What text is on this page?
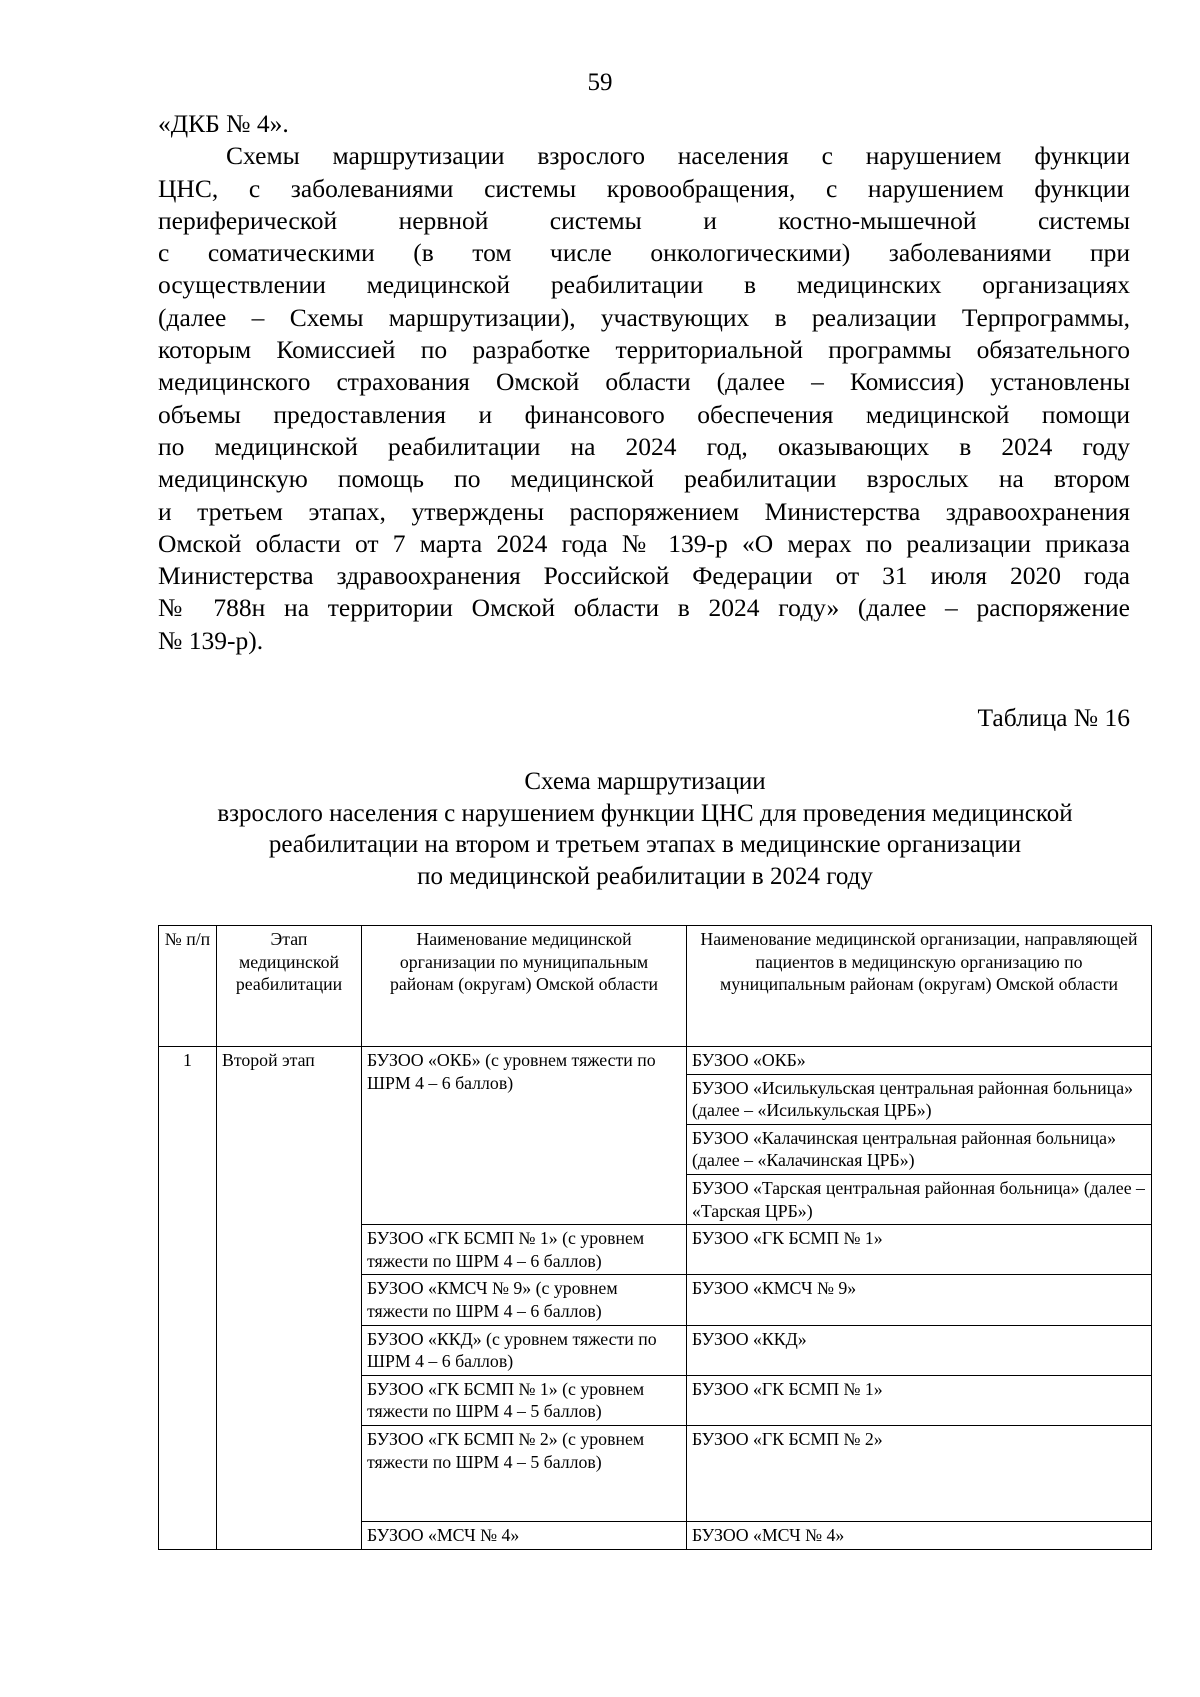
59

«ДКБ № 4».

Схемы маршрутизации взрослого населения с нарушением функции

ЦНС, с заболеваниями системы кровообращения, с нарушением функции

периферической нервной системы и костно-мышечной системы

с соматическими (в том числе онкологическими) заболеваниями при

осуществлении медицинской реабилитации в медицинских организациях

(далее – Схемы маршрутизации), участвующих в реализации Терпрограммы,

которым Комиссией по разработке территориальной программы обязательного

медицинского страхования Омской области (далее – Комиссия) установлены

объемы предоставления и финансового обеспечения медицинской помощи

по медицинской реабилитации на 2024 год, оказывающих в 2024 году

медицинскую помощь по медицинской реабилитации взрослых на втором

и третьем этапах, утверждены распоряжением Министерства здравоохранения

Омской области от 7 марта 2024 года № 139-р «О мерах по реализации приказа

Министерства здравоохранения Российской Федерации от 31 июля 2020 года

№ 788н на территории Омской области в 2024 году» (далее – распоряжение

№ 139-р).

Таблица № 16
Схема маршрутизации
взрослого населения с нарушением функции ЦНС для проведения медицинской
реабилитации на втором и третьем этапах в медицинские организации
по медицинской реабилитации в 2024 году
№ п/п	Этап медицинской реабилитации	Наименование медицинской организации по муниципальным районам (округам) Омской области	Наименование медицинской организации, направляющей пациентов в медицинскую организацию по муниципальным районам (округам) Омской области
1	Второй этап	БУЗОО «ОКБ» (с уровнем тяжести по ШРМ 4 – 6 баллов)	БУЗОО «ОКБ»
			БУЗОО «Исилькульская центральная районная больница» (далее – «Исилькульская ЦРБ»)
			БУЗОО «Калачинская центральная районная больница» (далее – «Калачинская ЦРБ»)
			БУЗОО «Тарская центральная районная больница» (далее – «Тарская ЦРБ»)
		БУЗОО «ГК БСМП № 1» (с уровнем тяжести по ШРМ 4 – 6 баллов)	БУЗОО «ГК БСМП № 1»
		БУЗОО «КМСЧ № 9» (с уровнем тяжести по ШРМ 4 – 6 баллов)	БУЗОО «КМСЧ № 9»
		БУЗОО «ККД» (с уровнем тяжести по ШРМ 4 – 6 баллов)	БУЗОО «ККД»
		БУЗОО «ГК БСМП № 1» (с уровнем тяжести по ШРМ 4 – 5 баллов)	БУЗОО «ГК БСМП № 1»
		БУЗОО «ГК БСМП № 2» (с уровнем тяжести по ШРМ 4 – 5 баллов)	БУЗОО «ГК БСМП № 2»
		БУЗОО «МСЧ № 4»	БУЗОО «МСЧ № 4»
